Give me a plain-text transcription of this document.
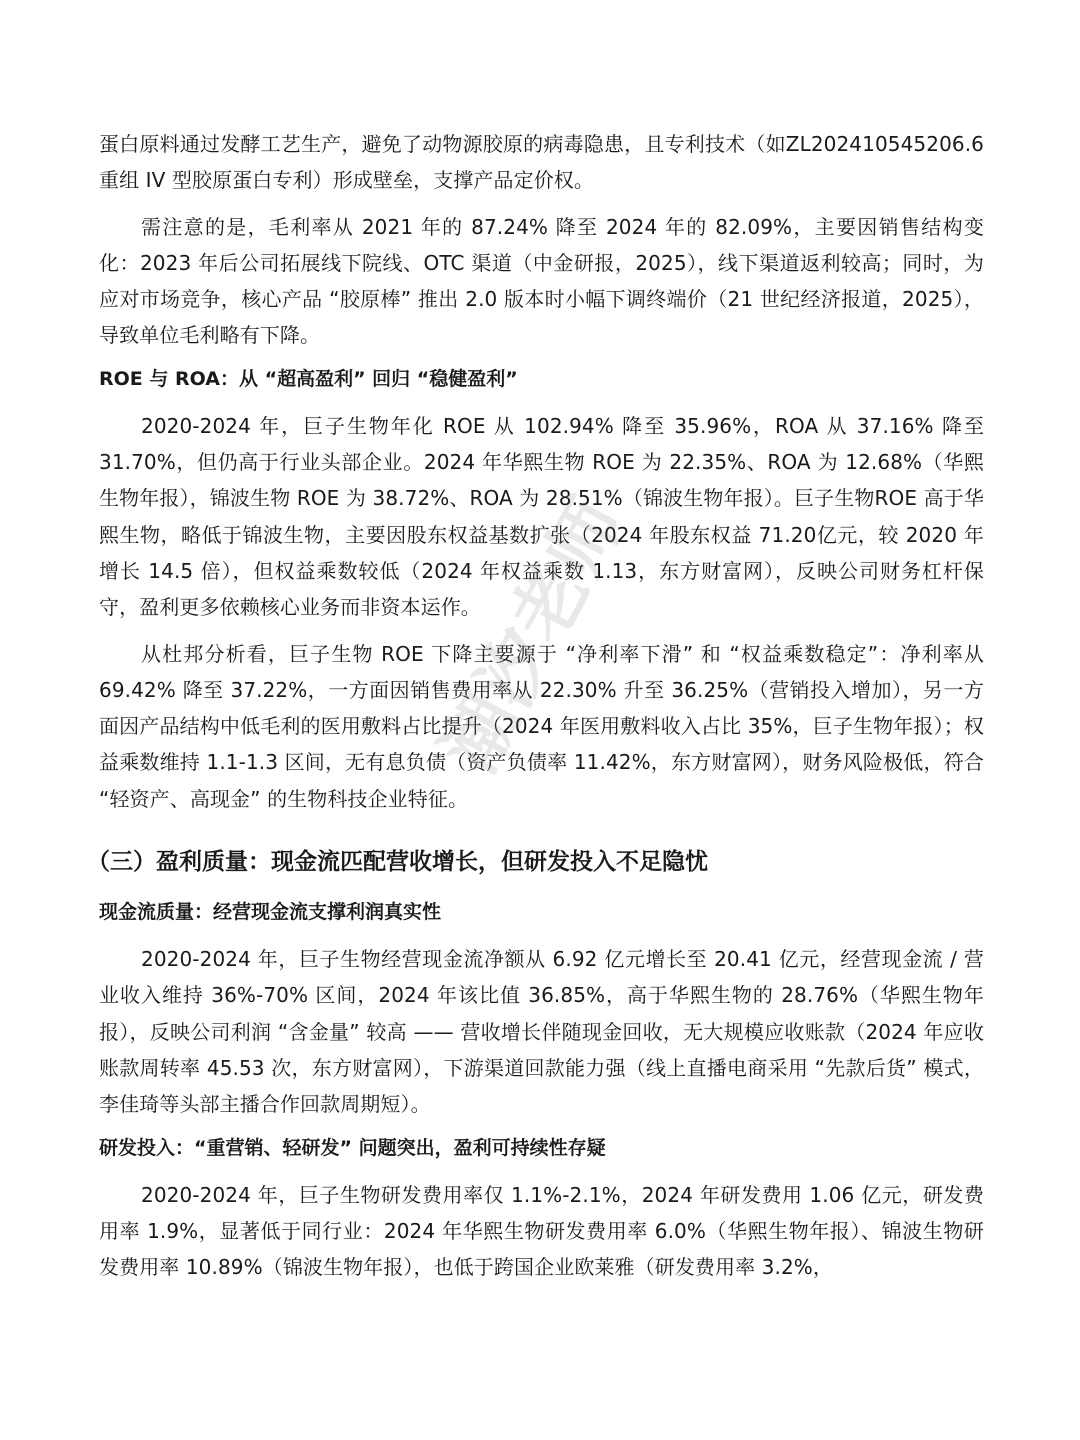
蛋白原料通过发酵工艺生产，避免了动物源胶原的病毒隐患，且专利技术（如ZL202410545206.6 重组 IV 型胶原蛋白专利）形成壁垒，支撑产品定价权。

需注意的是，毛利率从 2021 年的 87.24% 降至 2024 年的 82.09%，主要因销售结构变化：2023 年后公司拓展线下院线、OTC 渠道（中金研报，2025），线下渠道返利较高；同时，为应对市场竞争，核心产品 “胶原棒” 推出 2.0 版本时小幅下调终端价（21 世纪经济报道，2025），导致单位毛利略有下降。

ROE 与 ROA：从 “超高盈利” 回归 “稳健盈利”

2020-2024 年，巨子生物年化 ROE 从 102.94% 降至 35.96%，ROA 从 37.16% 降至31.70%，但仍高于行业头部企业。2024 年华熙生物 ROE 为 22.35%、ROA 为 12.68%（华熙生物年报），锦波生物 ROE 为 38.72%、ROA 为 28.51%（锦波生物年报）。巨子生物ROE 高于华熙生物，略低于锦波生物，主要因股东权益基数扩张（2024 年股东权益 71.20亿元，较 2020 年增长 14.5 倍），但权益乘数较低（2024 年权益乘数 1.13，东方财富网），反映公司财务杠杆保守，盈利更多依赖核心业务而非资本运作。

从杜邦分析看，巨子生物 ROE 下降主要源于 “净利率下滑” 和 “权益乘数稳定”：净利率从 69.42% 降至 37.22%，一方面因销售费用率从 22.30% 升至 36.25%（营销投入增加），另一方面因产品结构中低毛利的医用敷料占比提升（2024 年医用敷料收入占比 35%，巨子生物年报）；权益乘数维持 1.1-1.3 区间，无有息负债（资产负债率 11.42%，东方财富网），财务风险极低，符合 “轻资产、高现金” 的生物科技企业特征。

（三）盈利质量：现金流匹配营收增长，但研发投入不足隐忧

现金流质量：经营现金流支撑利润真实性

2020-2024 年，巨子生物经营现金流净额从 6.92 亿元增长至 20.41 亿元，经营现金流 / 营业收入维持 36%-70% 区间，2024 年该比值 36.85%，高于华熙生物的 28.76%（华熙生物年报），反映公司利润 “含金量” 较高 —— 营收增长伴随现金回收，无大规模应收账款（2024 年应收账款周转率 45.53 次，东方财富网），下游渠道回款能力强（线上直播电商采用 “先款后货” 模式，李佳琦等头部主播合作回款周期短）。

研发投入：“重营销、轻研发” 问题突出，盈利可持续性存疑

2020-2024 年，巨子生物研发费用率仅 1.1%-2.1%，2024 年研发费用 1.06 亿元，研发费用率 1.9%，显著低于同行业：2024 年华熙生物研发费用率 6.0%（华熙生物年报）、锦波生物研发费用率 10.89%（锦波生物年报），也低于跨国企业欧莱雅（研发费用率 3.2%，

潮汐老师
